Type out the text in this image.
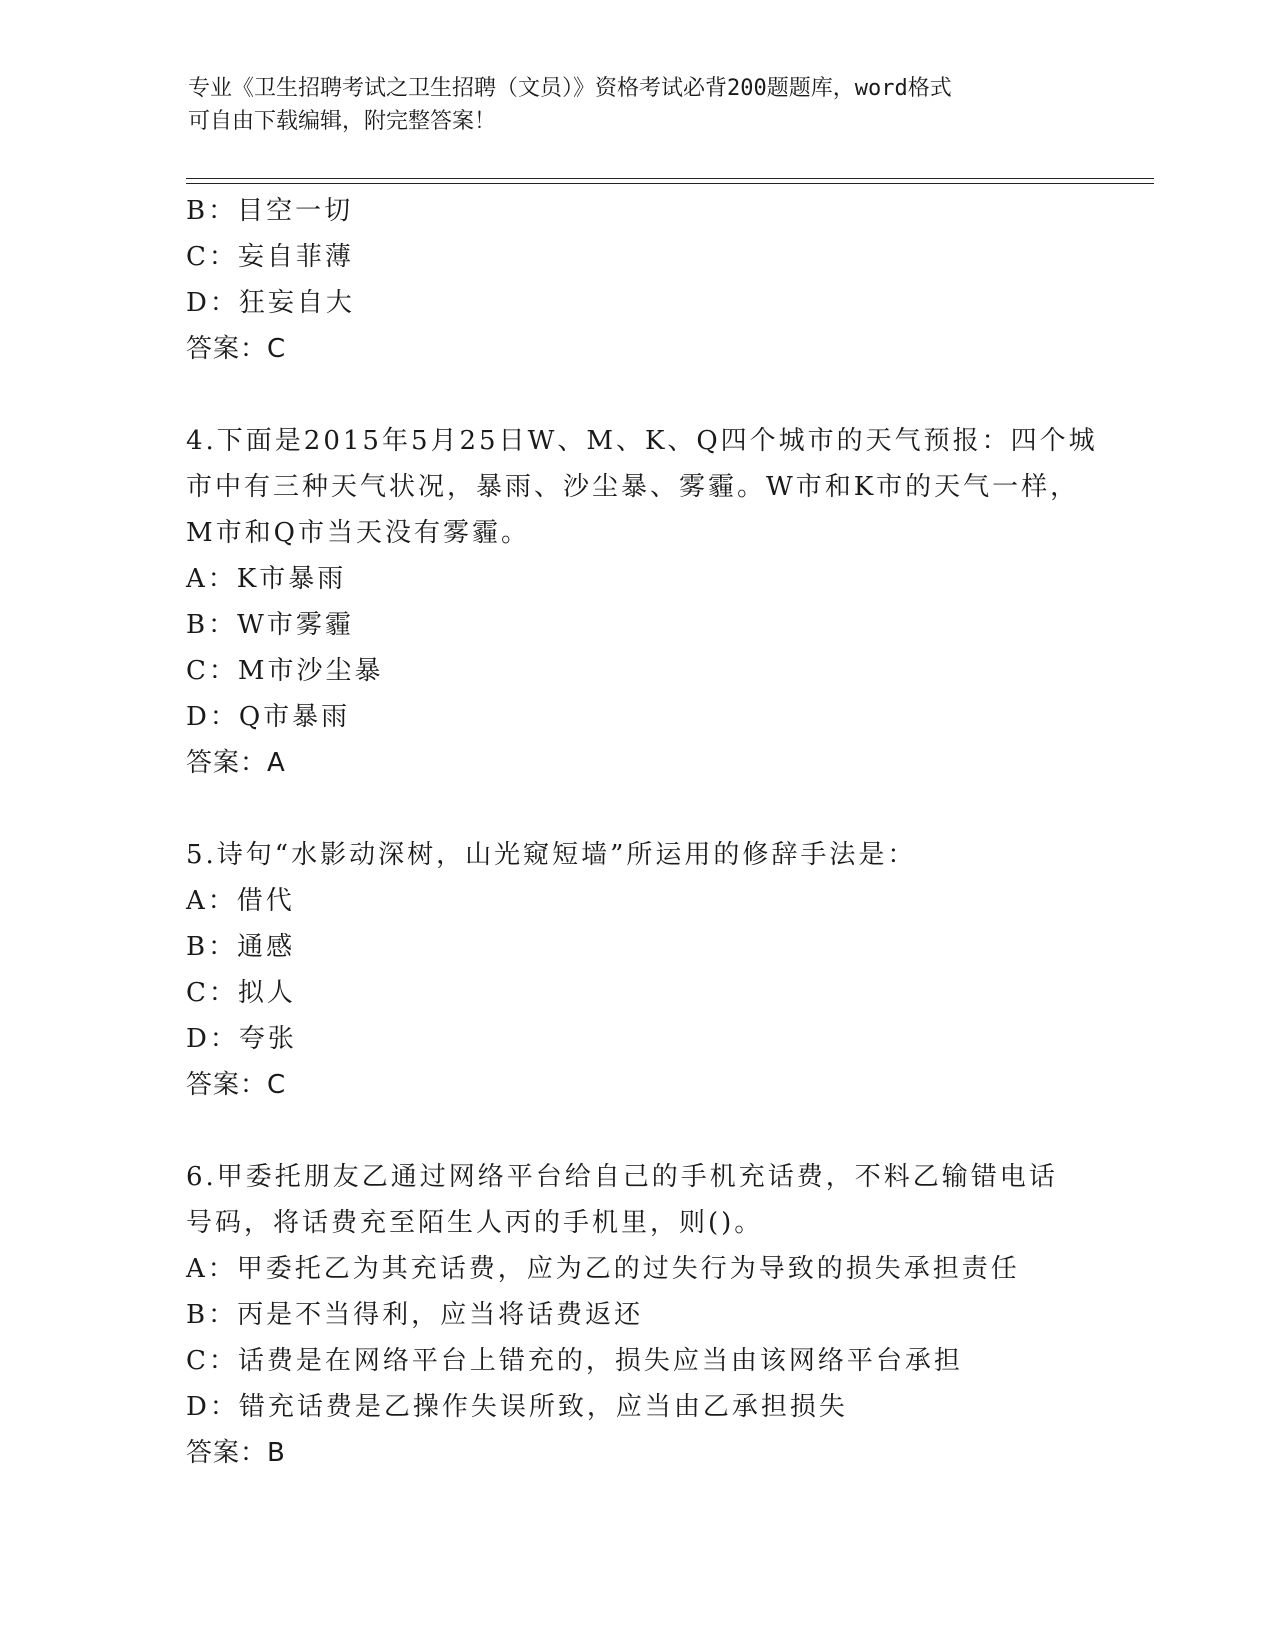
专业《卫生招聘考试之卫生招聘（文员）》资格考试必背200题题库，word格式
可自由下载编辑，附完整答案！
B：目空一切
C：妄自菲薄
D：狂妄自大
答案：C
4.下面是2015年5月25日W、M、K、Q四个城市的天气预报：四个城
市中有三种天气状况，暴雨、沙尘暴、雾霾。W市和K市的天气一样，
M市和Q市当天没有雾霾。
A：K市暴雨
B：W市雾霾
C：M市沙尘暴
D：Q市暴雨
答案：A
5.诗句“水影动深树，山光窥短墙”所运用的修辞手法是：
A：借代
B：通感
C：拟人
D：夸张
答案：C
6.甲委托朋友乙通过网络平台给自己的手机充话费，不料乙输错电话
号码，将话费充至陌生人丙的手机里，则()。
A：甲委托乙为其充话费，应为乙的过失行为导致的损失承担责任
B：丙是不当得利，应当将话费返还
C：话费是在网络平台上错充的，损失应当由该网络平台承担
D：错充话费是乙操作失误所致，应当由乙承担损失
答案：B
